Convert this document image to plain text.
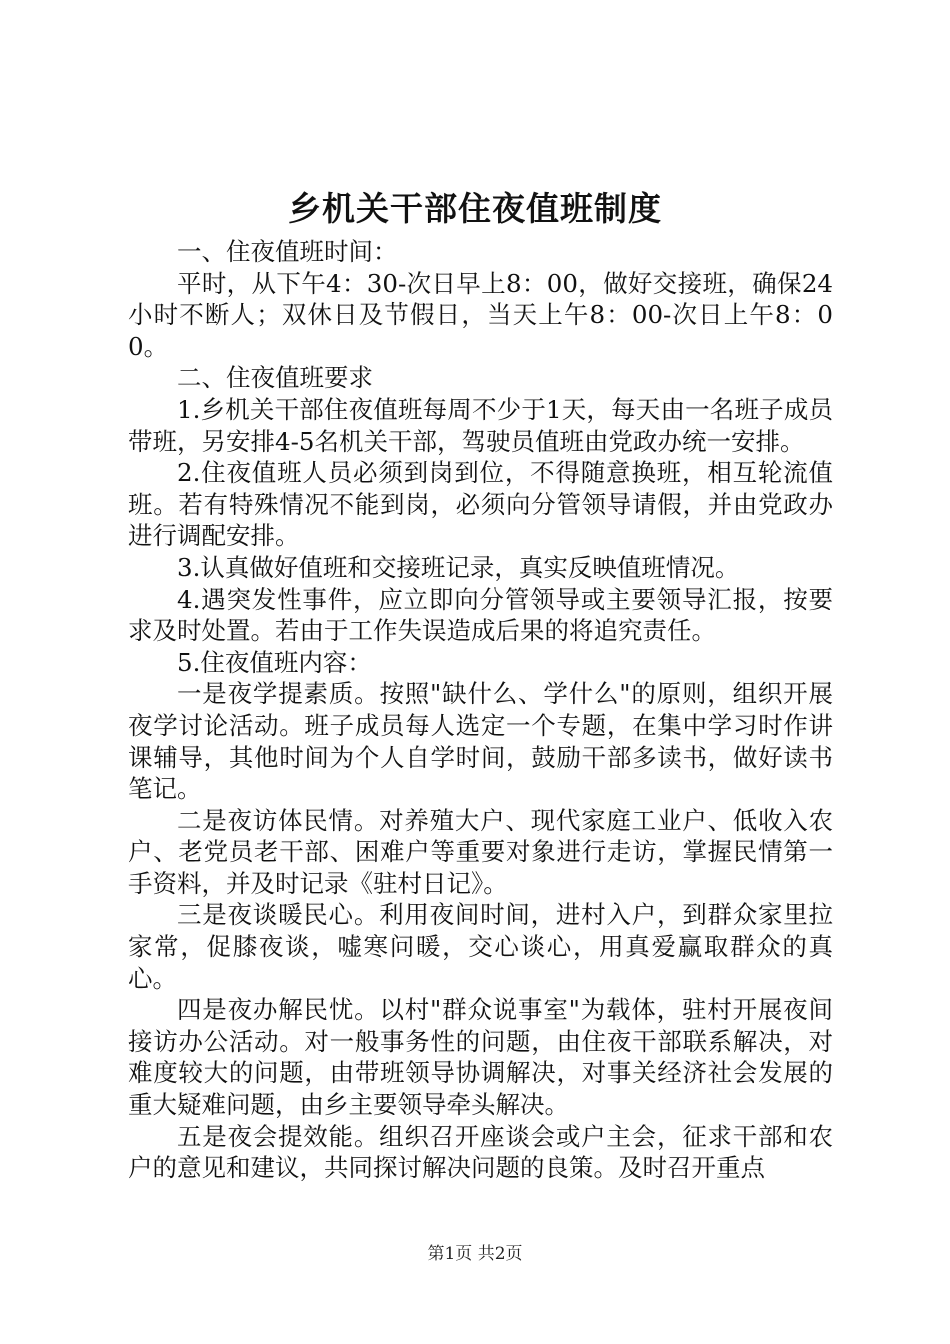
乡机关干部住夜值班制度

一、住夜值班时间：

平时，从下午4：30-次日早上8：00，做好交接班，确保24小时不断人；双休日及节假日，当天上午8：00-次日上午8：00。

二、住夜值班要求

1.乡机关干部住夜值班每周不少于1天，每天由一名班子成员带班，另安排4-5名机关干部，驾驶员值班由党政办统一安排。

2.住夜值班人员必须到岗到位，不得随意换班，相互轮流值班。若有特殊情况不能到岗，必须向分管领导请假，并由党政办进行调配安排。

3.认真做好值班和交接班记录，真实反映值班情况。

4.遇突发性事件，应立即向分管领导或主要领导汇报，按要求及时处置。若由于工作失误造成后果的将追究责任。

5.住夜值班内容：

一是夜学提素质。按照"缺什么、学什么"的原则，组织开展夜学讨论活动。班子成员每人选定一个专题，在集中学习时作讲课辅导，其他时间为个人自学时间，鼓励干部多读书，做好读书笔记。

二是夜访体民情。对养殖大户、现代家庭工业户、低收入农户、老党员老干部、困难户等重要对象进行走访，掌握民情第一手资料，并及时记录《驻村日记》。

三是夜谈暖民心。利用夜间时间，进村入户，到群众家里拉家常，促膝夜谈，嘘寒问暖，交心谈心，用真爱赢取群众的真心。

四是夜办解民忧。以村"群众说事室"为载体，驻村开展夜间接访办公活动。对一般事务性的问题，由住夜干部联系解决，对难度较大的问题，由带班领导协调解决，对事关经济社会发展的重大疑难问题，由乡主要领导牵头解决。

五是夜会提效能。组织召开座谈会或户主会，征求干部和农户的意见和建议，共同探讨解决问题的良策。及时召开重点

第1页 共2页
